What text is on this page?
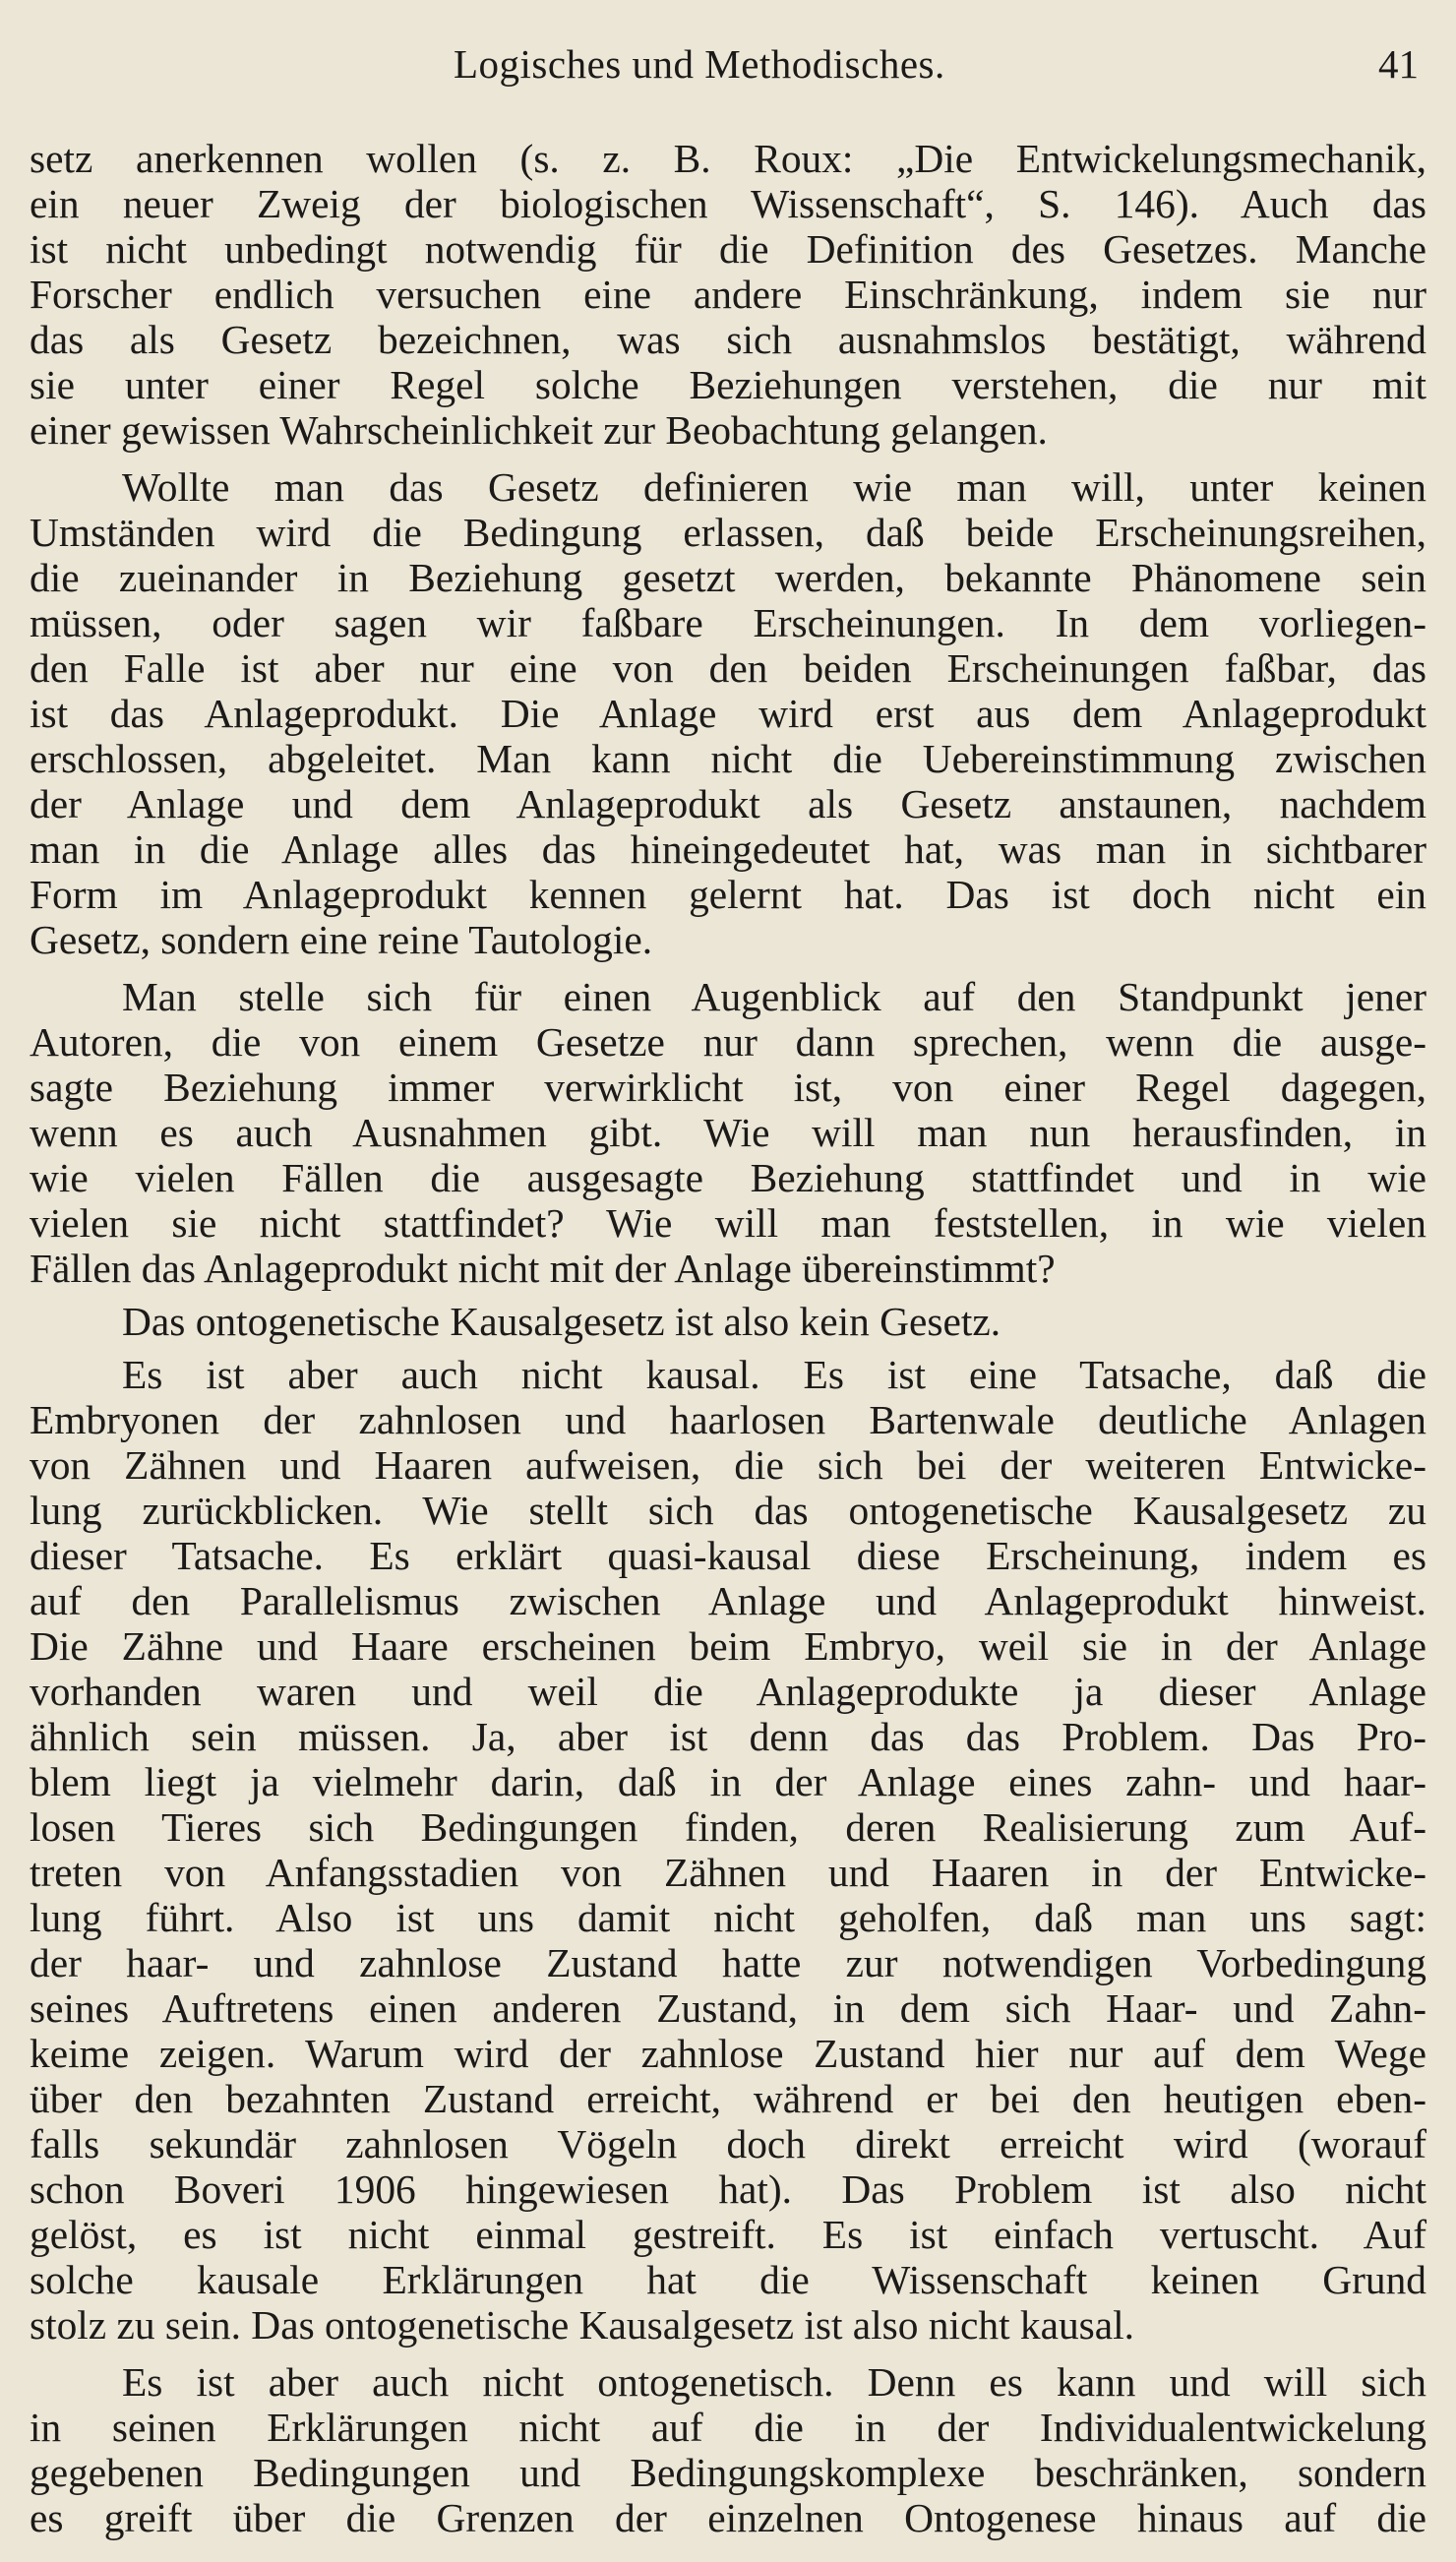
Logisches und Methodisches.	41
setz anerkennen wollen (s. z. B. Roux: „Die Entwickelungsmechanik,
ein neuer Zweig der biologischen Wissenschaft“, S. 146). Auch das
ist nicht unbedingt notwendig für die Definition des Gesetzes. Manche
Forscher endlich versuchen eine andere Einschränkung, indem sie nur
das als Gesetz bezeichnen, was sich ausnahmslos bestätigt, während
sie unter einer Regel solche Beziehungen verstehen, die nur mit
einer gewissen Wahrscheinlichkeit zur Beobachtung gelangen.
Wollte man das Gesetz definieren wie man will, unter keinen
Umständen wird die Bedingung erlassen, daß beide Erscheinungsreihen,
die zueinander in Beziehung gesetzt werden, bekannte Phänomene sein
müssen, oder sagen wir faßbare Erscheinungen. In dem vorliegen-
den Falle ist aber nur eine von den beiden Erscheinungen faßbar, das
ist das Anlageprodukt. Die Anlage wird erst aus dem Anlageprodukt
erschlossen, abgeleitet. Man kann nicht die Uebereinstimmung zwischen
der Anlage und dem Anlageprodukt als Gesetz anstaunen, nachdem
man in die Anlage alles das hineingedeutet hat, was man in sichtbarer
Form im Anlageprodukt kennen gelernt hat. Das ist doch nicht ein
Gesetz, sondern eine reine Tautologie.
Man stelle sich für einen Augenblick auf den Standpunkt jener
Autoren, die von einem Gesetze nur dann sprechen, wenn die ausge-
sagte Beziehung immer verwirklicht ist, von einer Regel dagegen,
wenn es auch Ausnahmen gibt. Wie will man nun herausfinden, in
wie vielen Fällen die ausgesagte Beziehung stattfindet und in wie
vielen sie nicht stattfindet? Wie will man feststellen, in wie vielen
Fällen das Anlageprodukt nicht mit der Anlage übereinstimmt?
Das ontogenetische Kausalgesetz ist also kein Gesetz.
Es ist aber auch nicht kausal. Es ist eine Tatsache, daß die
Embryonen der zahnlosen und haarlosen Bartenwale deutliche Anlagen
von Zähnen und Haaren aufweisen, die sich bei der weiteren Entwicke-
lung zurückblicken. Wie stellt sich das ontogenetische Kausalgesetz zu
dieser Tatsache. Es erklärt quasi-kausal diese Erscheinung, indem es
auf den Parallelismus zwischen Anlage und Anlageprodukt hinweist.
Die Zähne und Haare erscheinen beim Embryo, weil sie in der Anlage
vorhanden waren und weil die Anlageprodukte ja dieser Anlage
ähnlich sein müssen. Ja, aber ist denn das das Problem. Das Pro-
blem liegt ja vielmehr darin, daß in der Anlage eines zahn- und haar-
losen Tieres sich Bedingungen finden, deren Realisierung zum Auf-
treten von Anfangsstadien von Zähnen und Haaren in der Entwicke-
lung führt. Also ist uns damit nicht geholfen, daß man uns sagt:
der haar- und zahnlose Zustand hatte zur notwendigen Vorbedingung
seines Auftretens einen anderen Zustand, in dem sich Haar- und Zahn-
keime zeigen. Warum wird der zahnlose Zustand hier nur auf dem Wege
über den bezahnten Zustand erreicht, während er bei den heutigen eben-
falls sekundär zahnlosen Vögeln doch direkt erreicht wird (worauf
schon Boveri 1906 hingewiesen hat). Das Problem ist also nicht
gelöst, es ist nicht einmal gestreift. Es ist einfach vertuscht. Auf
solche kausale Erklärungen hat die Wissenschaft keinen Grund
stolz zu sein. Das ontogenetische Kausalgesetz ist also nicht kausal.
Es ist aber auch nicht ontogenetisch. Denn es kann und will sich
in seinen Erklärungen nicht auf die in der Individualentwickelung
gegebenen Bedingungen und Bedingungskomplexe beschränken, sondern
es greift über die Grenzen der einzelnen Ontogenese hinaus auf die
